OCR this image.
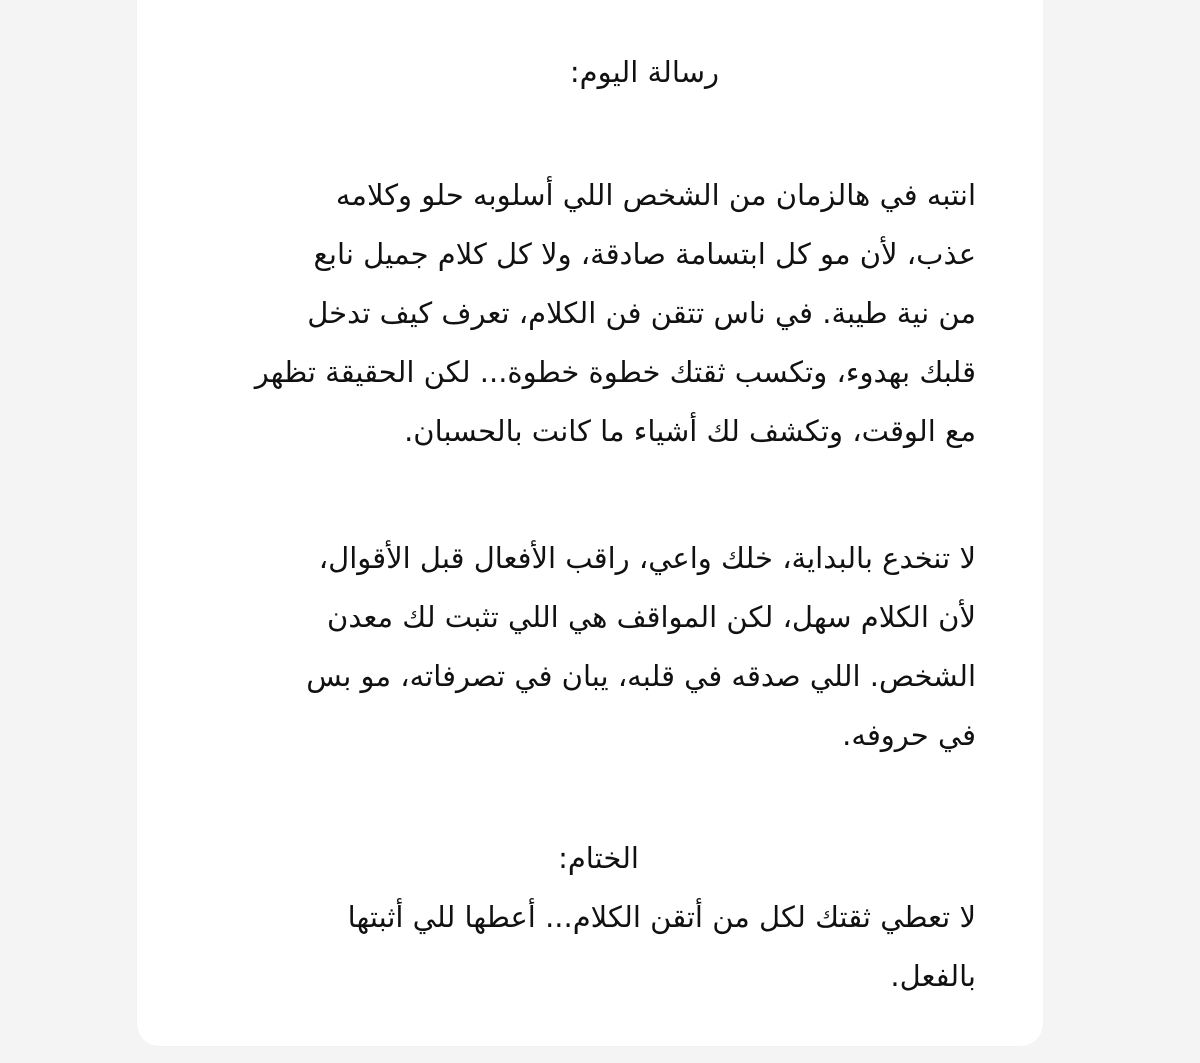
رسالة اليوم:
انتبه في هالزمان من الشخص اللي أسلوبه حلو وكلامه
عذب، لأن مو كل ابتسامة صادقة، ولا كل كلام جميل نابع
من نية طيبة. في ناس تتقن فن الكلام، تعرف كيف تدخل
قلبك بهدوء، وتكسب ثقتك خطوة خطوة... لكن الحقيقة تظهر
مع الوقت، وتكشف لك أشياء ما كانت بالحسبان.
لا تنخدع بالبداية، خلك واعي، راقب الأفعال قبل الأقوال،
لأن الكلام سهل، لكن المواقف هي اللي تثبت لك معدن
الشخص. اللي صدقه في قلبه، يبان في تصرفاته، مو بس
في حروفه.
الختام:
لا تعطي ثقتك لكل من أتقن الكلام... أعطها للي أثبتها
بالفعل.
